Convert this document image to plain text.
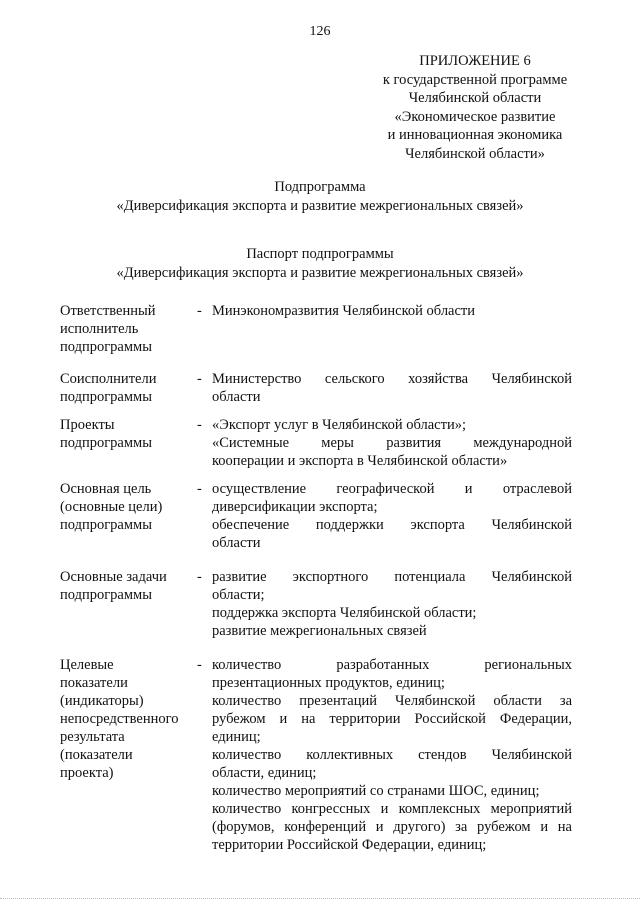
126
ПРИЛОЖЕНИЕ 6
к государственной программе
Челябинской области
«Экономическое развитие
и инновационная экономика
Челябинской области»
Подпрограмма
«Диверсификация экспорта и развитие межрегиональных связей»
Паспорт подпрограммы
«Диверсификация экспорта и развитие межрегиональных связей»
Ответственный
исполнитель
подпрограммы
- Минэкономразвития Челябинской области
Соисполнители
подпрограммы
- Министерство сельского хозяйства Челябинской
области
Проекты
подпрограммы
- «Экспорт услуг в Челябинской области»;
«Системные меры развития международной
кооперации и экспорта в Челябинской области»
Основная цель
(основные цели)
подпрограммы
- осуществление географической и отраслевой
диверсификации экспорта;
обеспечение поддержки экспорта Челябинской
области
Основные задачи
подпрограммы
- развитие экспортного потенциала Челябинской
области;
поддержка экспорта Челябинской области;
развитие межрегиональных связей
Целевые
показатели
(индикаторы)
непосредственного
результата
(показатели
проекта)
- количество разработанных региональных
презентационных продуктов, единиц;
количество презентаций Челябинской области за
рубежом и на территории Российской Федерации,
единиц;
количество коллективных стендов Челябинской
области, единиц;
количество мероприятий со странами ШОС, единиц;
количество конгрессных и комплексных мероприятий
(форумов, конференций и другого) за рубежом и на
территории Российской Федерации, единиц;
